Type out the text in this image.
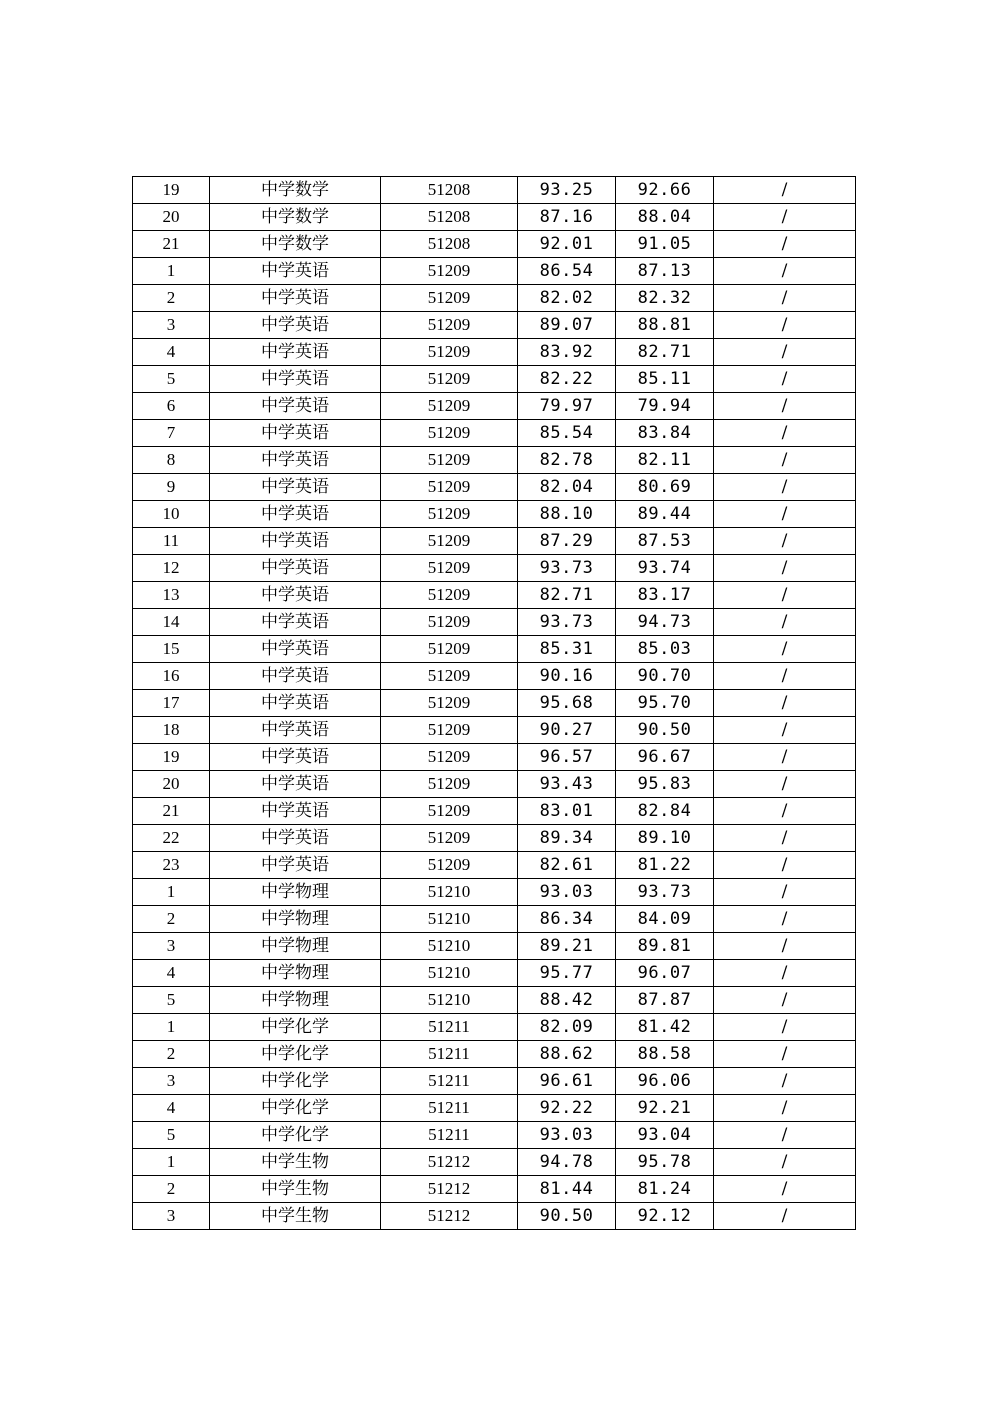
19	中学数学	51208	93.25	92.66	/
20	中学数学	51208	87.16	88.04	/
21	中学数学	51208	92.01	91.05	/
1	中学英语	51209	86.54	87.13	/
2	中学英语	51209	82.02	82.32	/
3	中学英语	51209	89.07	88.81	/
4	中学英语	51209	83.92	82.71	/
5	中学英语	51209	82.22	85.11	/
6	中学英语	51209	79.97	79.94	/
7	中学英语	51209	85.54	83.84	/
8	中学英语	51209	82.78	82.11	/
9	中学英语	51209	82.04	80.69	/
10	中学英语	51209	88.10	89.44	/
11	中学英语	51209	87.29	87.53	/
12	中学英语	51209	93.73	93.74	/
13	中学英语	51209	82.71	83.17	/
14	中学英语	51209	93.73	94.73	/
15	中学英语	51209	85.31	85.03	/
16	中学英语	51209	90.16	90.70	/
17	中学英语	51209	95.68	95.70	/
18	中学英语	51209	90.27	90.50	/
19	中学英语	51209	96.57	96.67	/
20	中学英语	51209	93.43	95.83	/
21	中学英语	51209	83.01	82.84	/
22	中学英语	51209	89.34	89.10	/
23	中学英语	51209	82.61	81.22	/
1	中学物理	51210	93.03	93.73	/
2	中学物理	51210	86.34	84.09	/
3	中学物理	51210	89.21	89.81	/
4	中学物理	51210	95.77	96.07	/
5	中学物理	51210	88.42	87.87	/
1	中学化学	51211	82.09	81.42	/
2	中学化学	51211	88.62	88.58	/
3	中学化学	51211	96.61	96.06	/
4	中学化学	51211	92.22	92.21	/
5	中学化学	51211	93.03	93.04	/
1	中学生物	51212	94.78	95.78	/
2	中学生物	51212	81.44	81.24	/
3	中学生物	51212	90.50	92.12	/
